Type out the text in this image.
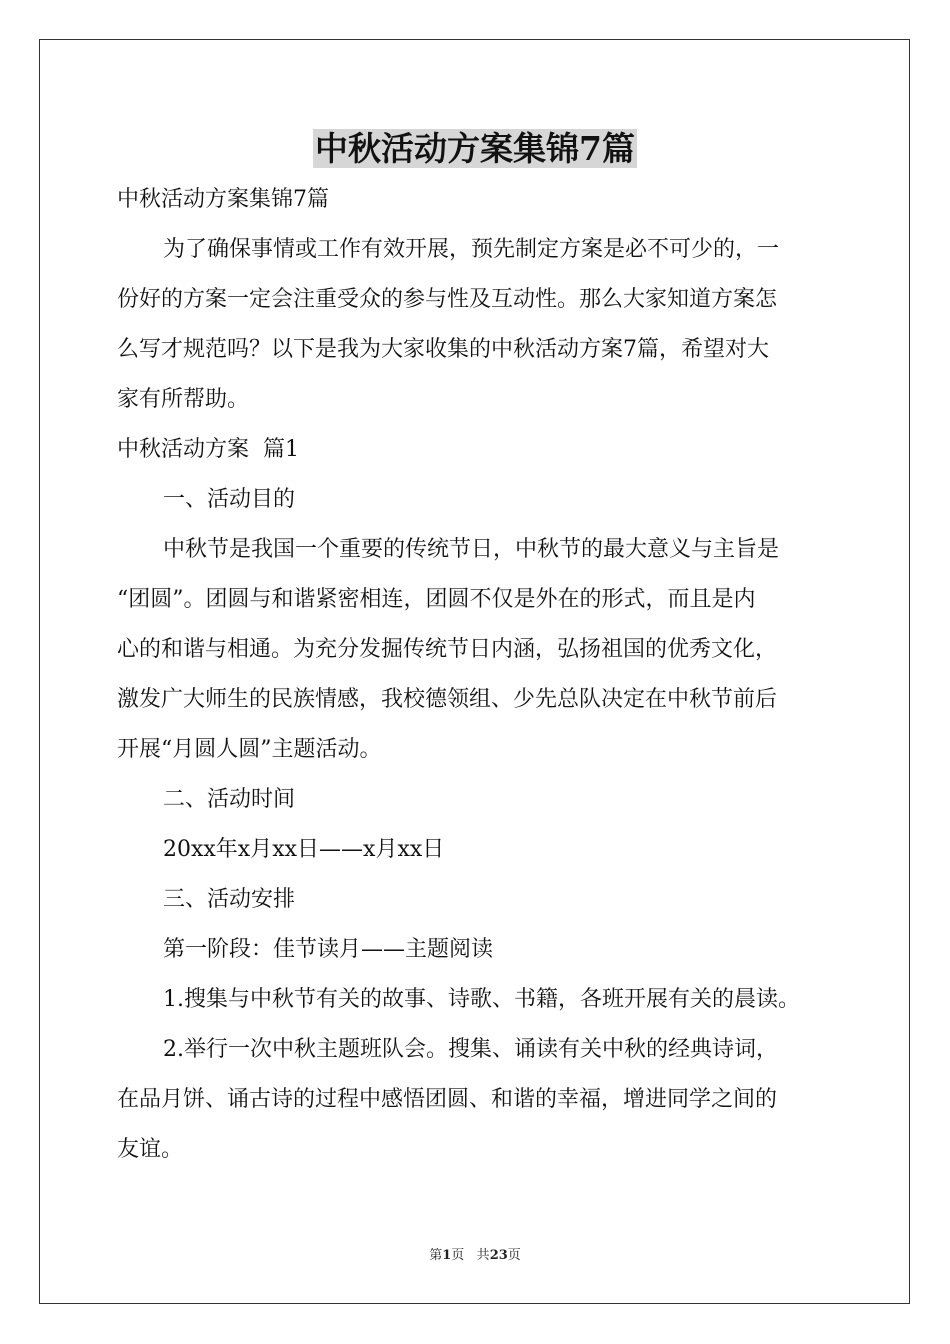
中秋活动方案集锦7篇

中秋活动方案集锦7篇

为了确保事情或工作有效开展，预先制定方案是必不可少的，一

份好的方案一定会注重受众的参与性及互动性。那么大家知道方案怎

么写才规范吗？以下是我为大家收集的中秋活动方案7篇，希望对大

家有所帮助。

中秋活动方案  篇1

一、活动目的

中秋节是我国一个重要的传统节日，中秋节的最大意义与主旨是

“团圆”。团圆与和谐紧密相连，团圆不仅是外在的形式，而且是内

心的和谐与相通。为充分发掘传统节日内涵，弘扬祖国的优秀文化，

激发广大师生的民族情感，我校德领组、少先总队决定在中秋节前后

开展“月圆人圆”主题活动。

二、活动时间

20xx年x月xx日——x月xx日

三、活动安排

第一阶段：佳节读月——主题阅读

1.搜集与中秋节有关的故事、诗歌、书籍，各班开展有关的晨读。

2.举行一次中秋主题班队会。搜集、诵读有关中秋的经典诗词，

在品月饼、诵古诗的过程中感悟团圆、和谐的幸福，增进同学之间的

友谊。

第1页 共23页
